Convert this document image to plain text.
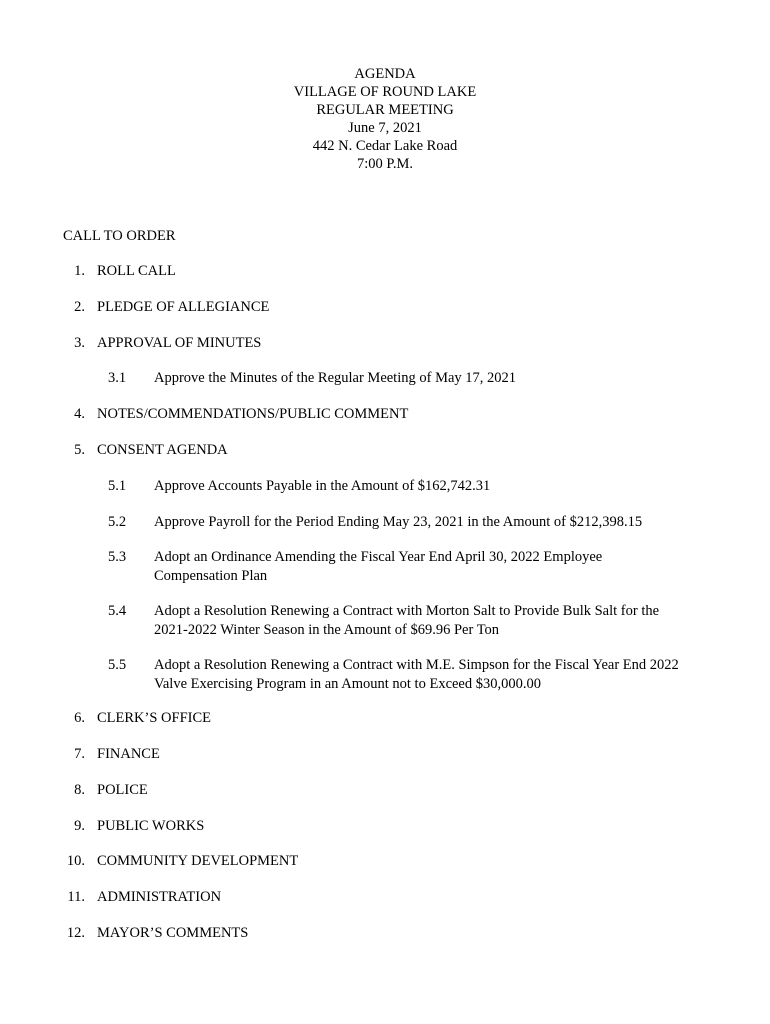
AGENDA
VILLAGE OF ROUND LAKE
REGULAR MEETING
June 7, 2021
442 N. Cedar Lake Road
7:00 P.M.
CALL TO ORDER
1. ROLL CALL
2. PLEDGE OF ALLEGIANCE
3. APPROVAL OF MINUTES
3.1 Approve the Minutes of the Regular Meeting of May 17, 2021
4. NOTES/COMMENDATIONS/PUBLIC COMMENT
5. CONSENT AGENDA
5.1 Approve Accounts Payable in the Amount of $162,742.31
5.2 Approve Payroll for the Period Ending May 23, 2021 in the Amount of $212,398.15
5.3 Adopt an Ordinance Amending the Fiscal Year End April 30, 2022 Employee
Compensation Plan
5.4 Adopt a Resolution Renewing a Contract with Morton Salt to Provide Bulk Salt for the
2021-2022 Winter Season in the Amount of $69.96 Per Ton
5.5 Adopt a Resolution Renewing a Contract with M.E. Simpson for the Fiscal Year End 2022
Valve Exercising Program in an Amount not to Exceed $30,000.00
6. CLERK’S OFFICE
7. FINANCE
8. POLICE
9. PUBLIC WORKS
10. COMMUNITY DEVELOPMENT
11. ADMINISTRATION
12. MAYOR’S COMMENTS
